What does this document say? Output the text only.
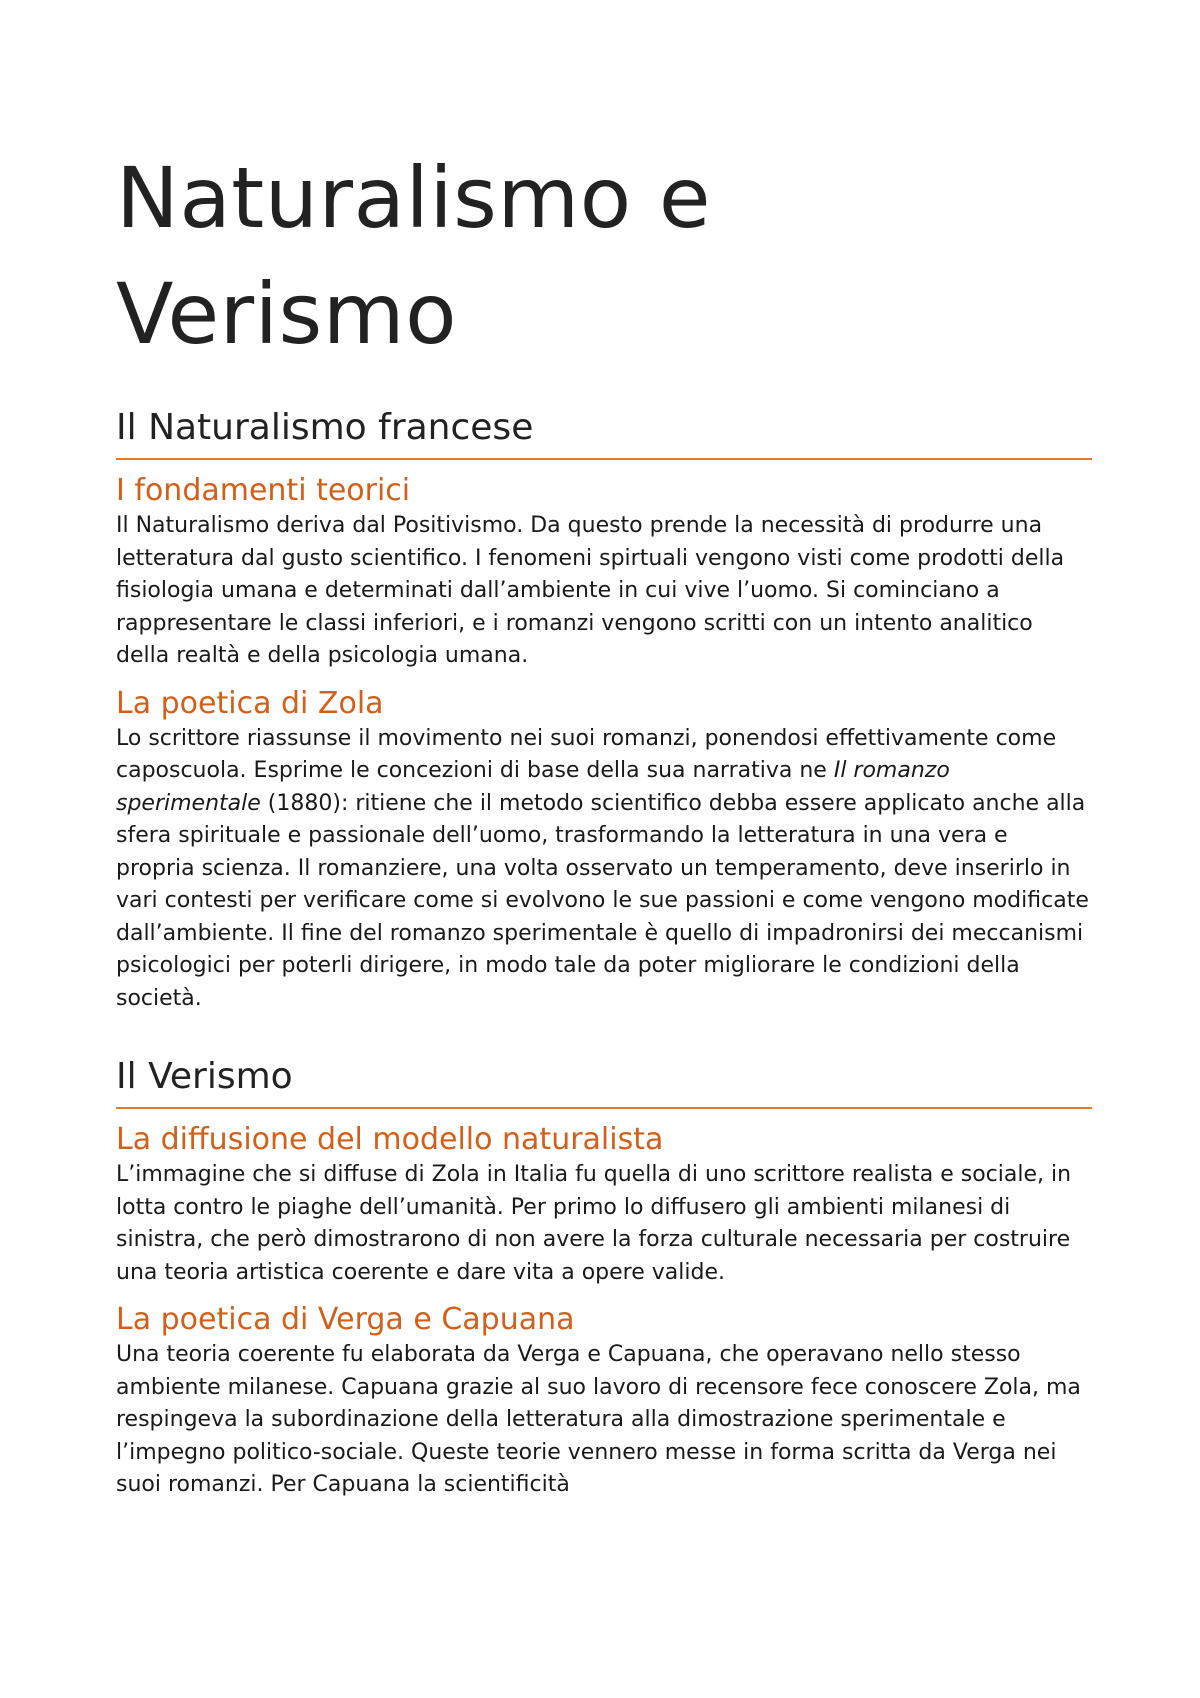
Naturalismo e
Verismo
Il Naturalismo francese
I fondamenti teorici

Il Naturalismo deriva dal Positivismo. Da questo prende la necessità di produrre una letteratura dal gusto scientifico. I fenomeni spirtuali vengono visti come prodotti della fisiologia umana e determinati dall’ambiente in cui vive l’uomo. Si cominciano a rappresentare le classi inferiori, e i romanzi vengono scritti con un intento analitico della realtà e della psicologia umana.

La poetica di Zola

Lo scrittore riassunse il movimento nei suoi romanzi, ponendosi effettivamente come caposcuola. Esprime le concezioni di base della sua narrativa ne Il romanzo sperimentale (1880): ritiene che il metodo scientifico debba essere applicato anche alla sfera spirituale e passionale dell’uomo, trasformando la letteratura in una vera e propria scienza. Il romanziere, una volta osservato un temperamento, deve inserirlo in vari contesti per verificare come si evolvono le sue passioni e come vengono modificate dall’ambiente. Il fine del romanzo sperimentale è quello di impadronirsi dei meccanismi psicologici per poterli dirigere, in modo tale da poter migliorare le condizioni della società.

Il Verismo
La diffusione del modello naturalista

L’immagine che si diffuse di Zola in Italia fu quella di uno scrittore realista e sociale, in lotta contro le piaghe dell’umanità. Per primo lo diffusero gli ambienti milanesi di sinistra, che però dimostrarono di non avere la forza culturale necessaria per costruire una teoria artistica coerente e dare vita a opere valide.

La poetica di Verga e Capuana

Una teoria coerente fu elaborata da Verga e Capuana, che operavano nello stesso ambiente milanese. Capuana grazie al suo lavoro di recensore fece conoscere Zola, ma respingeva la subordinazione della letteratura alla dimostrazione sperimentale e l’impegno politico-sociale. Queste teorie vennero messe in forma scritta da Verga nei suoi romanzi. Per Capuana la scientificità
